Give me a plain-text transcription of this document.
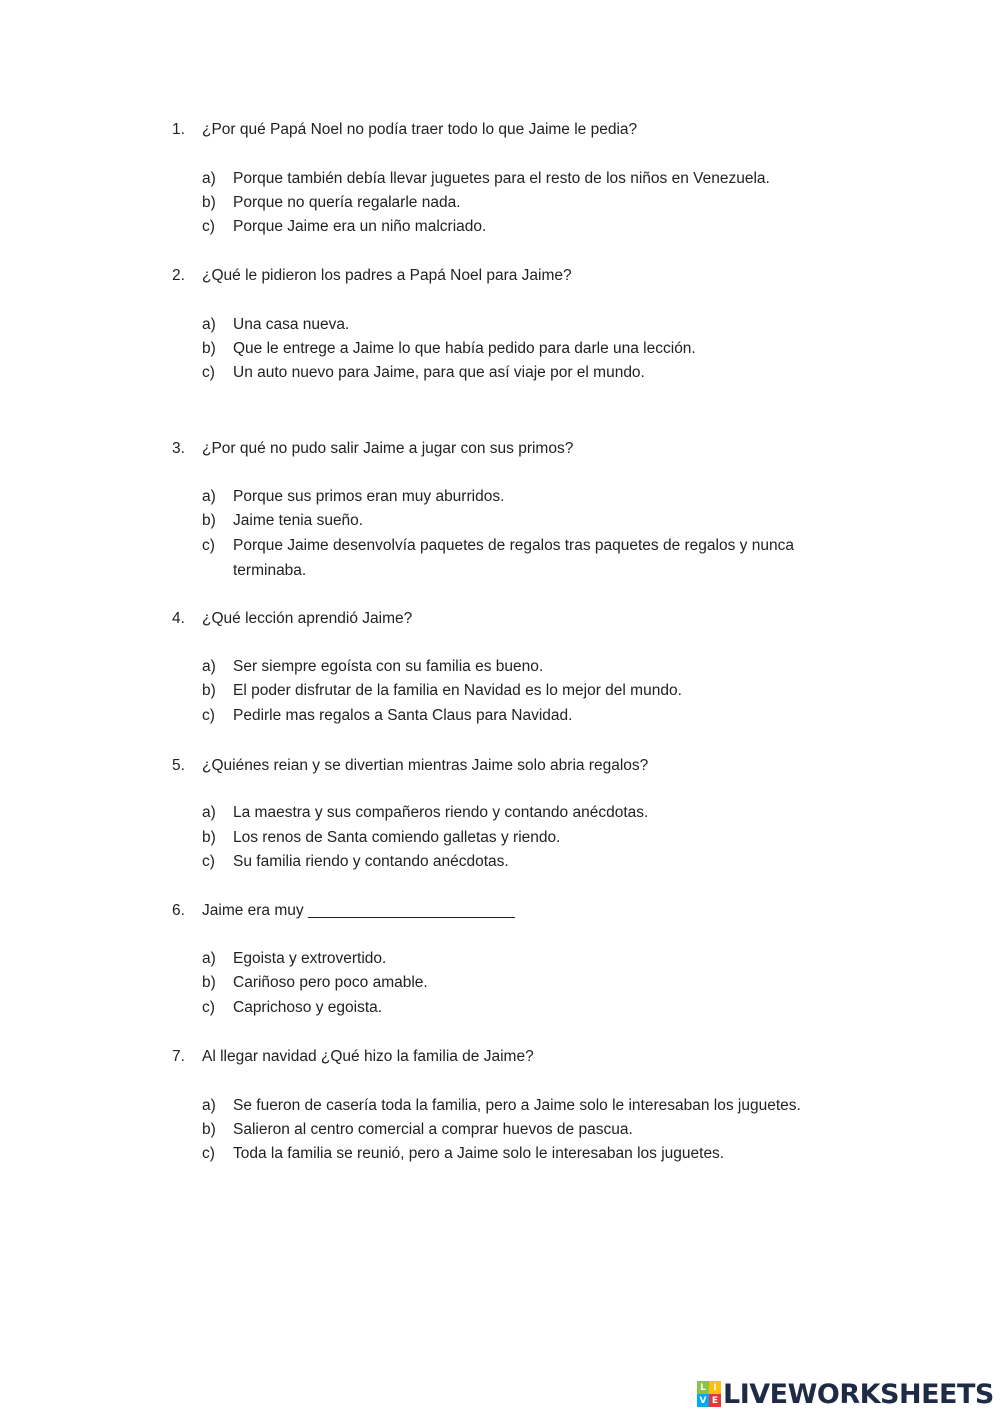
1. ¿Por qué Papá Noel no podía traer todo lo que Jaime le pedia?
a) Porque también debía llevar juguetes para el resto de los niños en Venezuela.
b) Porque no quería regalarle nada.
c) Porque Jaime era un niño malcriado.
2. ¿Qué le pidieron los padres a Papá Noel para Jaime?
a) Una casa nueva.
b) Que le entrege a Jaime lo que había pedido para darle una lección.
c) Un auto nuevo para Jaime, para que así viaje por el mundo.
3. ¿Por qué no pudo salir Jaime a jugar con sus primos?
a) Porque sus primos eran muy aburridos.
b) Jaime tenia sueño.
c) Porque Jaime desenvolvía paquetes de regalos tras paquetes de regalos y nunca terminaba.
4. ¿Qué lección aprendió Jaime?
a) Ser siempre egoísta con su familia es bueno.
b) El poder disfrutar de la familia en Navidad es lo mejor del mundo.
c) Pedirle mas regalos a Santa Claus para Navidad.
5. ¿Quiénes reian y se divertian mientras Jaime solo abria regalos?
a) La maestra y sus compañeros riendo y contando anécdotas.
b) Los renos de Santa comiendo galletas y riendo.
c) Su familia riendo y contando anécdotas.
6. Jaime era muy ________________________
a) Egoista y extrovertido.
b) Cariñoso pero poco amable.
c) Caprichoso y egoista.
7. Al llegar navidad ¿Qué hizo la familia de Jaime?
a) Se fueron de casería toda la familia, pero a Jaime solo le interesaban los juguetes.
b) Salieron al centro comercial a comprar huevos de pascua.
c) Toda la familia se reunió, pero a Jaime solo le interesaban los juguetes.
L I
V E LIVEWORKSHEETS
